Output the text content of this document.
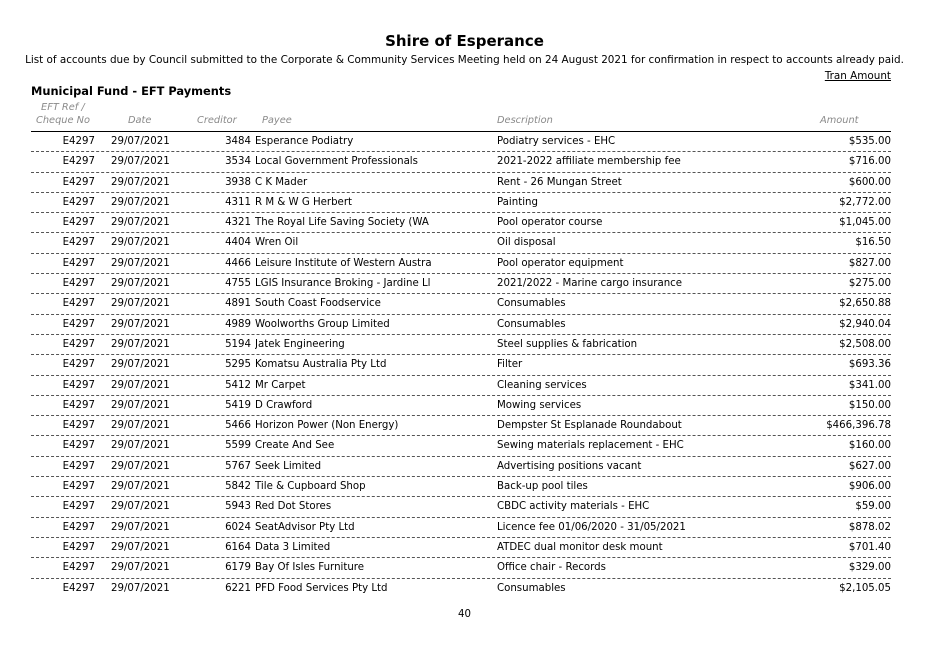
Shire of Esperance
List of accounts due by Council submitted to the Corporate & Community Services Meeting held on 24 August 2021 for confirmation in respect to accounts already paid.
Tran Amount
Municipal Fund - EFT Payments
EFT Ref /
Cheque No	Date	Creditor	Payee	Description	Amount
E4297 29/07/2021	3484 Esperance Podiatry	Podiatry services - EHC	$535.00
E4297 29/07/2021	3534 Local Government Professionals	2021-2022 affiliate membership fee	$716.00
E4297 29/07/2021	3938 C K Mader	Rent - 26 Mungan Street	$600.00
E4297 29/07/2021	4311 R M & W G Herbert	Painting	$2,772.00
E4297 29/07/2021	4321 The Royal Life Saving Society (WA	Pool operator course	$1,045.00
E4297 29/07/2021	4404 Wren Oil	Oil disposal	$16.50
E4297 29/07/2021	4466 Leisure Institute of Western Austra	Pool operator equipment	$827.00
E4297 29/07/2021	4755 LGIS Insurance Broking - Jardine Ll	2021/2022 - Marine cargo insurance	$275.00
E4297 29/07/2021	4891 South Coast Foodservice	Consumables	$2,650.88
E4297 29/07/2021	4989 Woolworths Group Limited	Consumables	$2,940.04
E4297 29/07/2021	5194 Jatek Engineering	Steel supplies & fabrication	$2,508.00
E4297 29/07/2021	5295 Komatsu Australia Pty Ltd	Filter	$693.36
E4297 29/07/2021	5412 Mr Carpet	Cleaning services	$341.00
E4297 29/07/2021	5419 D Crawford	Mowing services	$150.00
E4297 29/07/2021	5466 Horizon Power (Non Energy)	Dempster St Esplanade Roundabout	$466,396.78
E4297 29/07/2021	5599 Create And See	Sewing materials replacement - EHC	$160.00
E4297 29/07/2021	5767 Seek Limited	Advertising positions vacant	$627.00
E4297 29/07/2021	5842 Tile & Cupboard Shop	Back-up pool tiles	$906.00
E4297 29/07/2021	5943 Red Dot Stores	CBDC activity materials - EHC	$59.00
E4297 29/07/2021	6024 SeatAdvisor Pty Ltd	Licence fee 01/06/2020 - 31/05/2021	$878.02
E4297 29/07/2021	6164 Data 3 Limited	ATDEC dual monitor desk mount	$701.40
E4297 29/07/2021	6179 Bay Of Isles Furniture	Office chair - Records	$329.00
E4297 29/07/2021	6221 PFD Food Services Pty Ltd	Consumables	$2,105.05
40
